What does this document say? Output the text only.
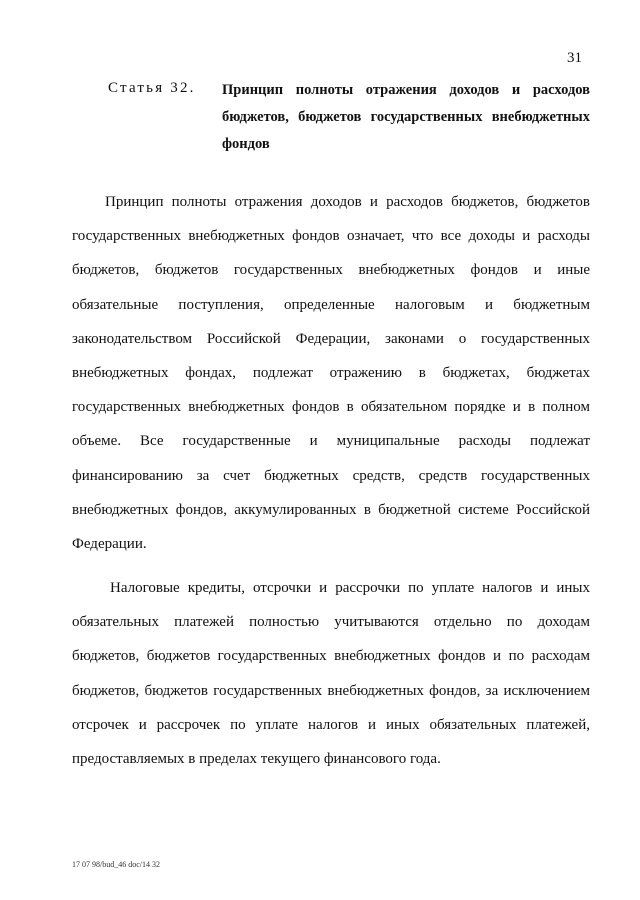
31
Статья 32. Принцип полноты отражения доходов и расходов бюджетов, бюджетов государственных внебюджетных фондов

Принцип полноты отражения доходов и расходов бюджетов, бюджетов государственных внебюджетных фондов означает, что все доходы и расходы бюджетов, бюджетов государственных внебюджетных фондов и иные обязательные поступления, определенные налоговым и бюджетным законодательством Российской Федерации, законами о государственных внебюджетных фондах, подлежат отражению в бюджетах, бюджетах государственных внебюджетных фондов в обязательном порядке и в полном объеме. Все государственные и муниципальные расходы подлежат финансированию за счет бюджетных средств, средств государственных внебюджетных фондов, аккумулированных в бюджетной системе Российской Федерации.

Налоговые кредиты, отсрочки и рассрочки по уплате налогов и иных обязательных платежей полностью учитываются отдельно по доходам бюджетов, бюджетов государственных внебюджетных фондов и по расходам бюджетов, бюджетов государственных внебюджетных фондов, за исключением отсрочек и рассрочек по уплате налогов и иных обязательных платежей, предоставляемых в пределах текущего финансового года.

17 07 98/bud_46 doc/14 32
